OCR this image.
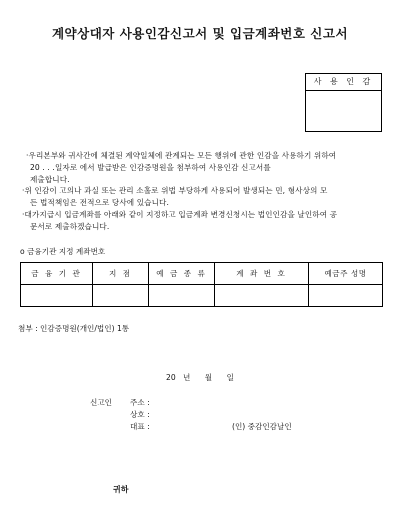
계약상대자 사용인감신고서 및 입금계좌번호 신고서
사 용 인 감
·우리본부와 귀사간에 체결된 계약일체에 관계되는 모든 행위에 관한 인감을 사용하기 위하여
20 . . .일자로 에서 발급받은 인감증명원을 첨부하여 사용인감 신고서를
제출합니다.
·위 인감이 고의나 과실 또는 관리 소홀로 위법 부당하게 사용되어 발생되는 민, 형사상의 모
든 법적책임은 전적으로 당사에 있습니다.
·대가지급시 입금계좌를 아래와 같이 지정하고 입금계좌 변경신청시는 법인인감을 날인하여 공
문서로 제출하겠습니다.
o 금융기관 지정 계좌번호
금 융 기 관	지 점	예 금 종 류	계 좌 번 호	예금주 성명

첨부 : 인감증명원(개인/법인) 1통
20   년      월      일
신고인 주소 :
상호 :
대표 :	(인) 중감인감날인
귀하
